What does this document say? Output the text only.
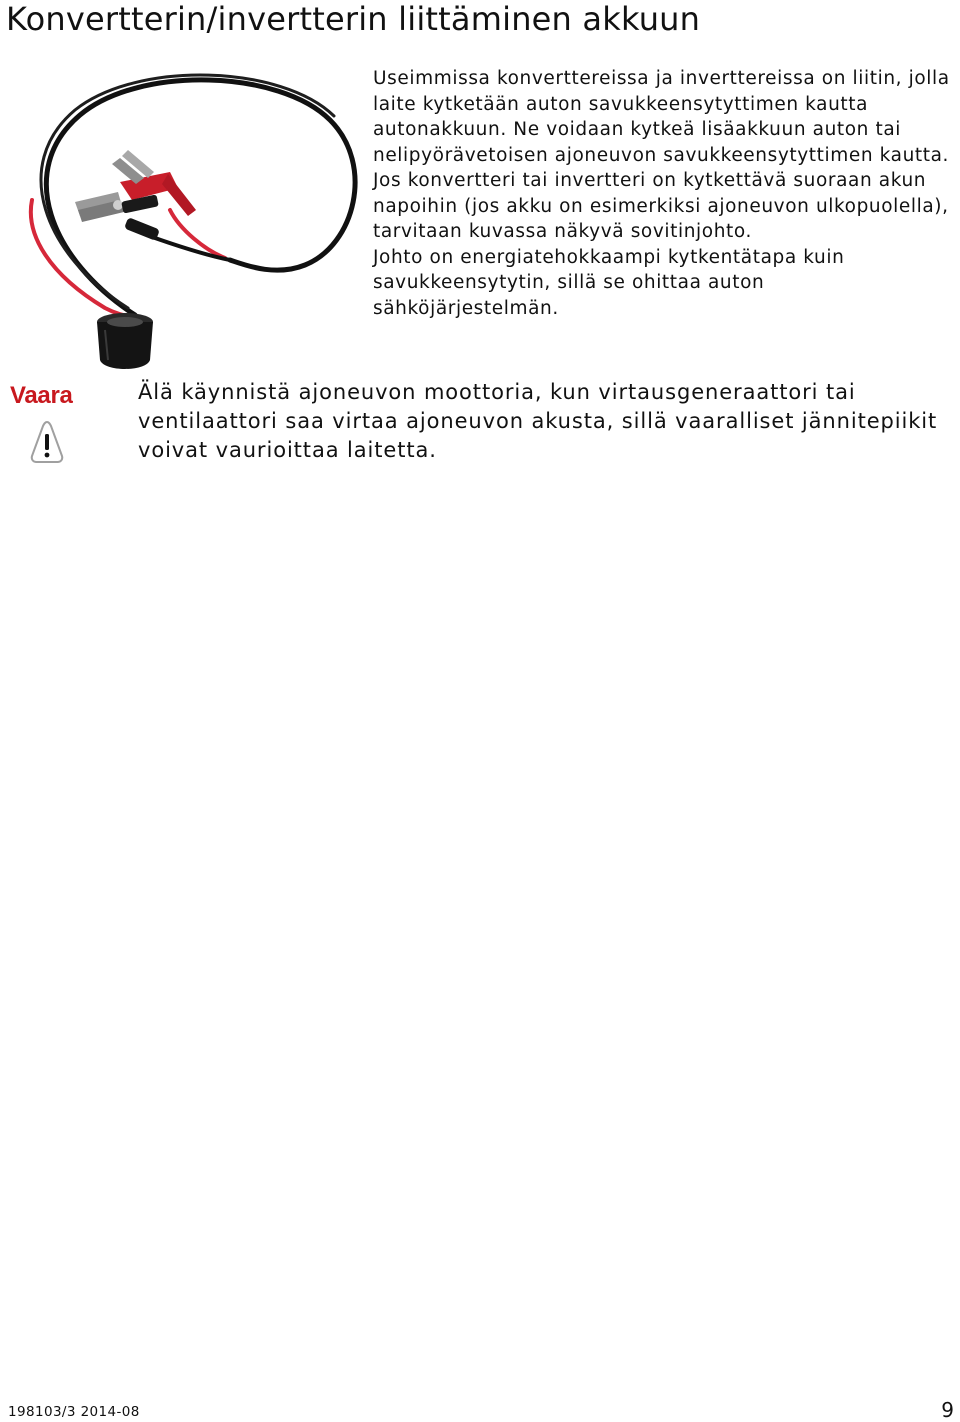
Konvertterin/invertterin liittäminen akkuun

Useimmissa konverttereissa ja inverttereissa on liitin, jolla laite kytketään auton savukkeensytyttimen kautta autonakkuun. Ne voidaan kytkeä lisäakkuun auton tai nelipyörävetoisen ajoneuvon savukkeensytyttimen kautta.

Jos konvertteri tai invertteri on kytkettävä suoraan akun napoihin (jos akku on esimerkiksi ajoneuvon ulkopuolella), tarvitaan kuvassa näkyvä sovitinjohto.

Johto on energiatehokkaampi kytkentätapa kuin savukkeensytytin, sillä se ohittaa auton sähköjärjestelmän.

Vaara	Älä käynnistä ajoneuvon moottoria, kun virtausgeneraattori tai ventilaattori saa virtaa ajoneuvon akusta, sillä vaaralliset jännitepiikit voivat vaurioittaa laitetta.

198103/3 2014-08	9
